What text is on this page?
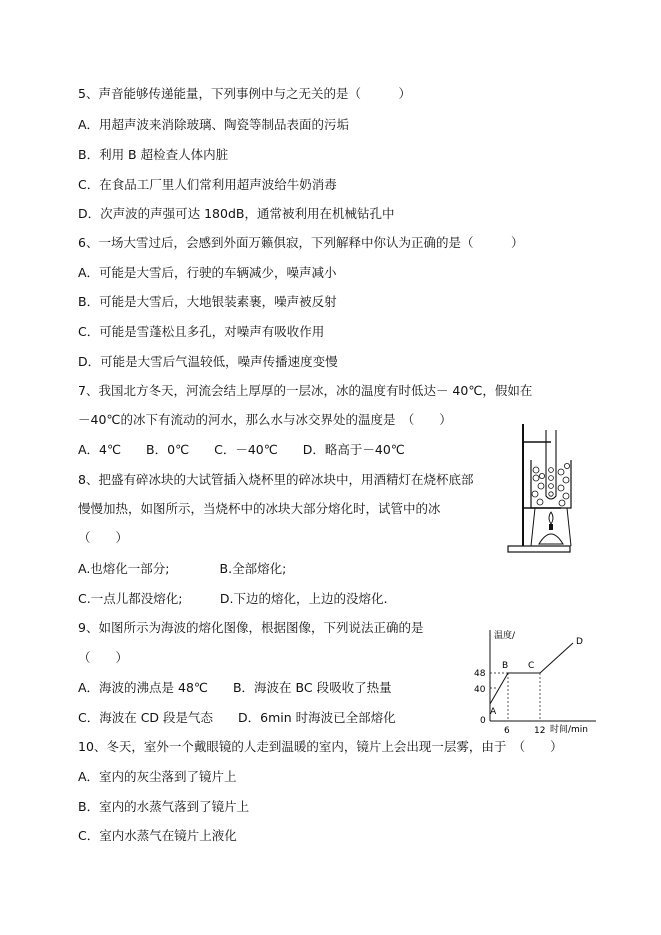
5、声音能够传递能量，下列事例中与之无关的是（　　　）
A．用超声波来消除玻璃、陶瓷等制品表面的污垢
B．利用 B 超检查人体内脏
C．在食品工厂里人们常利用超声波给牛奶消毒
D．次声波的声强可达 180dB，通常被利用在机械钻孔中
6、一场大雪过后，会感到外面万籁俱寂，下列解释中你认为正确的是（　　　）
A．可能是大雪后，行驶的车辆减少，噪声减小
B．可能是大雪后，大地银装素裹，噪声被反射
C．可能是雪蓬松且多孔，对噪声有吸收作用
D．可能是大雪后气温较低，噪声传播速度变慢
7、我国北方冬天，河流会结上厚厚的一层冰，冰的温度有时低达－ 40℃，假如在
－40℃的冰下有流动的河水，那么水与冰交界处的温度是　（　　）
A．4℃　　B．0℃　　C．－40℃　　D．略高于－40℃
8、把盛有碎冰块的大试管插入烧杯里的碎冰块中，用酒精灯在烧杯底部
慢慢加热，如图所示，当烧杯中的冰块大部分熔化时，试管中的冰
（　　）
A.也熔化一部分;　　　　B.全部熔化;
C.一点儿都没熔化;　　　D.下边的熔化，上边的没熔化.
9、如图所示为海波的熔化图像，根据图像，下列说法正确的是
（　　）
A．海波的沸点是 48℃　　B．海波在 BC 段吸收了热量
C．海波在 CD 段是气态　　D．6min 时海波已全部熔化
10、冬天，室外一个戴眼镜的人走到温暖的室内，镜片上会出现一层雾，由于　（　　）
A．室内的灰尘落到了镜片上
B．室内的水蒸气落到了镜片上
C．室内水蒸气在镜片上液化
温度/
时间/min
48
40
0
6	12
A
B C
D
